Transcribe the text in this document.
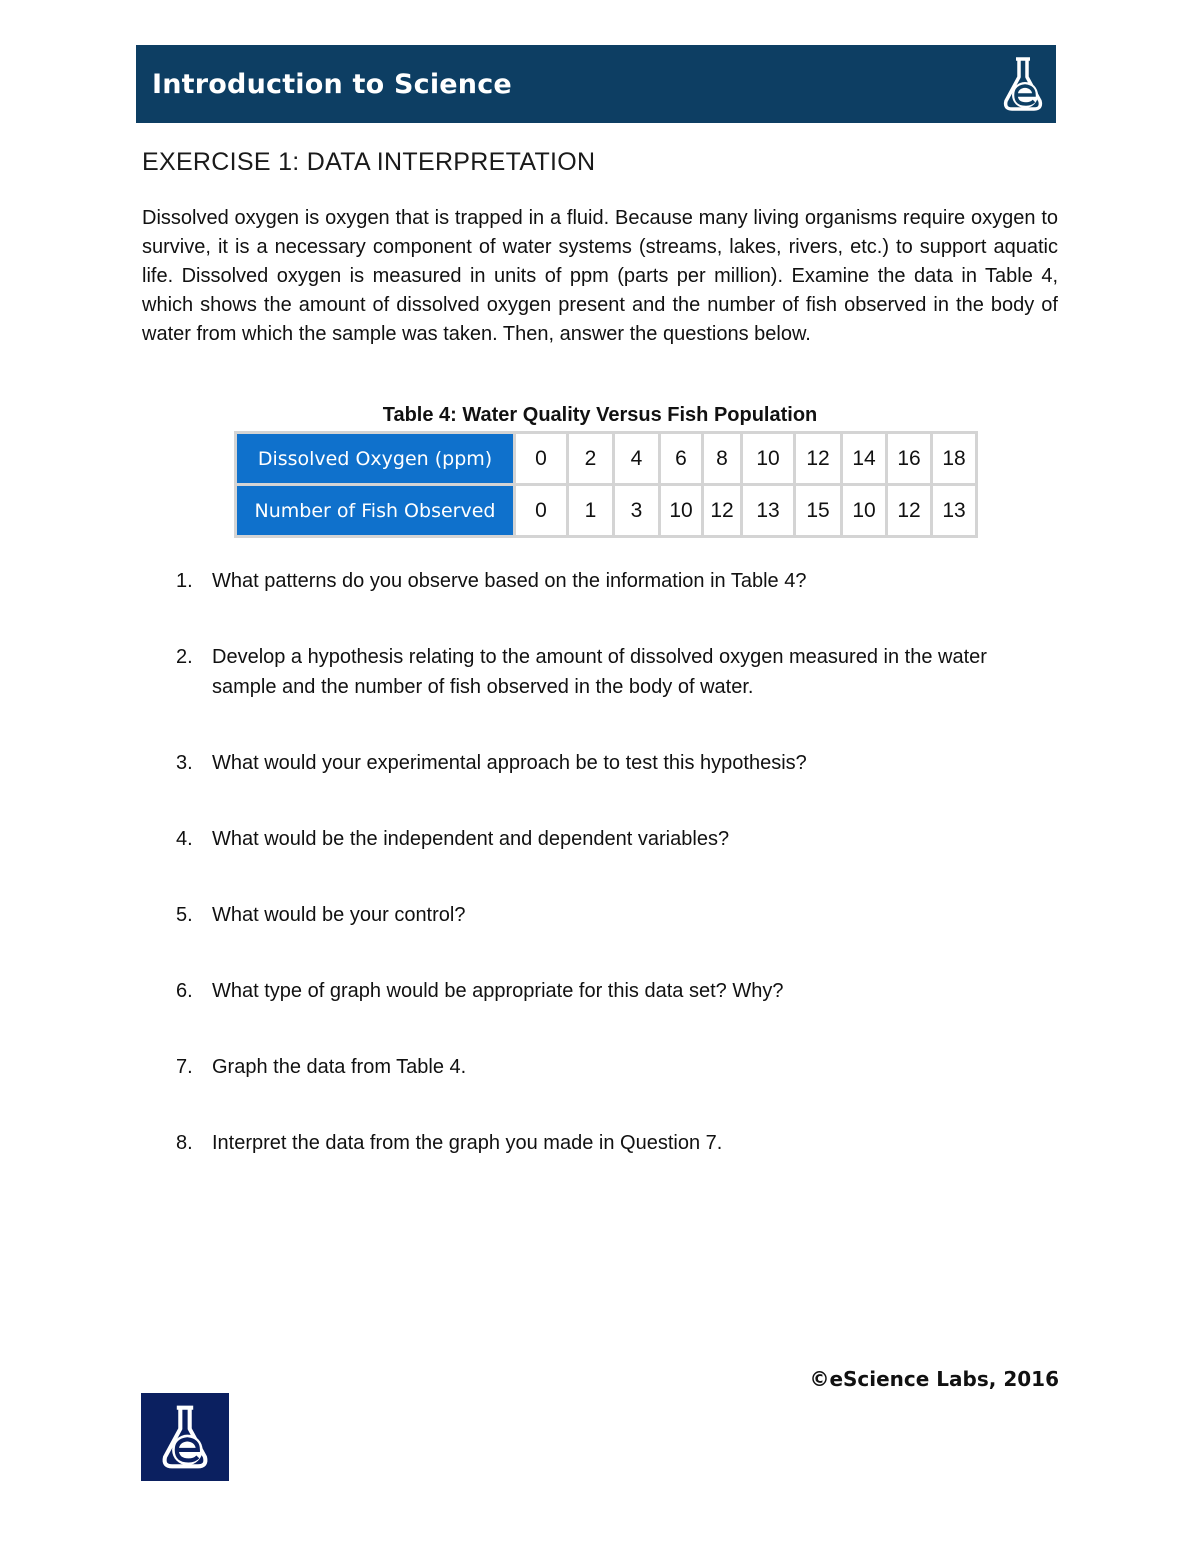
Introduction to Science
EXERCISE 1: DATA INTERPRETATION
Dissolved oxygen is oxygen that is trapped in a fluid. Because many living organisms require oxygen to survive, it is a necessary component of water systems (streams, lakes, rivers, etc.) to support aquatic life. Dissolved oxygen is measured in units of ppm (parts per million). Examine the data in Table 4, which shows the amount of dissolved oxygen present and the number of fish observed in the body of water from which the sample was taken. Then, answer the questions below.
Table 4: Water Quality Versus Fish Population
Dissolved Oxygen (ppm)	0	2	4	6	8	10	12	14	16	18
Number of Fish Observed	0	1	3	10	12	13	15	10	12	13
1. What patterns do you observe based on the information in Table 4?
2. Develop a hypothesis relating to the amount of dissolved oxygen measured in the water sample and the number of fish observed in the body of water.
3. What would your experimental approach be to test this hypothesis?
4. What would be the independent and dependent variables?
5. What would be your control?
6. What type of graph would be appropriate for this data set? Why?
7. Graph the data from Table 4.
8. Interpret the data from the graph you made in Question 7.
©eScience Labs, 2016
